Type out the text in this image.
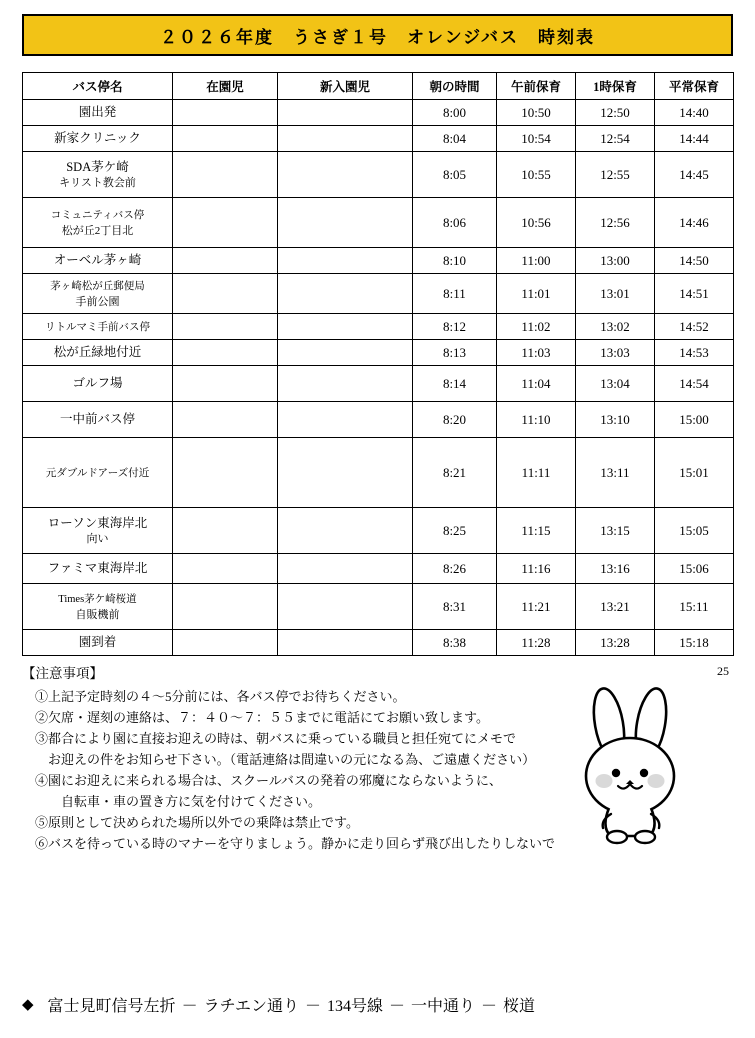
２０２６年度　うさぎ１号　オレンジバス　時刻表
バス停名	在園児	新入園児	朝の時間	午前保育	1時保育	平常保育
園出発			8:00	10:50	12:50	14:40
新家クリニック			8:04	10:54	12:54	14:44
SDA茅ケ崎
キリスト教会前			8:05	10:55	12:55	14:45
コミュニティバス停
松が丘2丁目北			8:06	10:56	12:56	14:46
オーベル茅ヶ崎			8:10	11:00	13:00	14:50
茅ヶ崎松が丘郵便局
手前公園			8:11	11:01	13:01	14:51
リトルマミ手前バス停			8:12	11:02	13:02	14:52
松が丘緑地付近			8:13	11:03	13:03	14:53
ゴルフ場			8:14	11:04	13:04	14:54
一中前バス停			8:20	11:10	13:10	15:00
元ダブルドアーズ付近			8:21	11:11	13:11	15:01
ローソン東海岸北
向い			8:25	11:15	13:15	15:05
ファミマ東海岸北			8:26	11:16	13:16	15:06
Times茅ケ崎桜道
自販機前			8:31	11:21	13:21	15:11
園到着			8:38	11:28	13:28	15:18
25
【注意事項】
　①上記予定時刻の４〜5分前には、各バス停でお待ちください。
　②欠席・遅刻の連絡は、７：４０〜７：５５までに電話にてお願い致します。
　③都合により園に直接お迎えの時は、朝バスに乗っている職員と担任宛てにメモで
　　お迎えの件をお知らせ下さい。（電話連絡は間違いの元になる為、ご遠慮ください）
　④園にお迎えに来られる場合は、スクールバスの発着の邪魔にならないように、
　　　自転車・車の置き方に気を付けてください。
　⑤原則として決められた場所以外での乗降は禁止です。
　⑥バスを待っている時のマナーを守りましょう。静かに走り回らず飛び出したりしないで
◆ 富士見町信号左折 － ラチエン通り － 134号線 － 一中通り － 桜道
